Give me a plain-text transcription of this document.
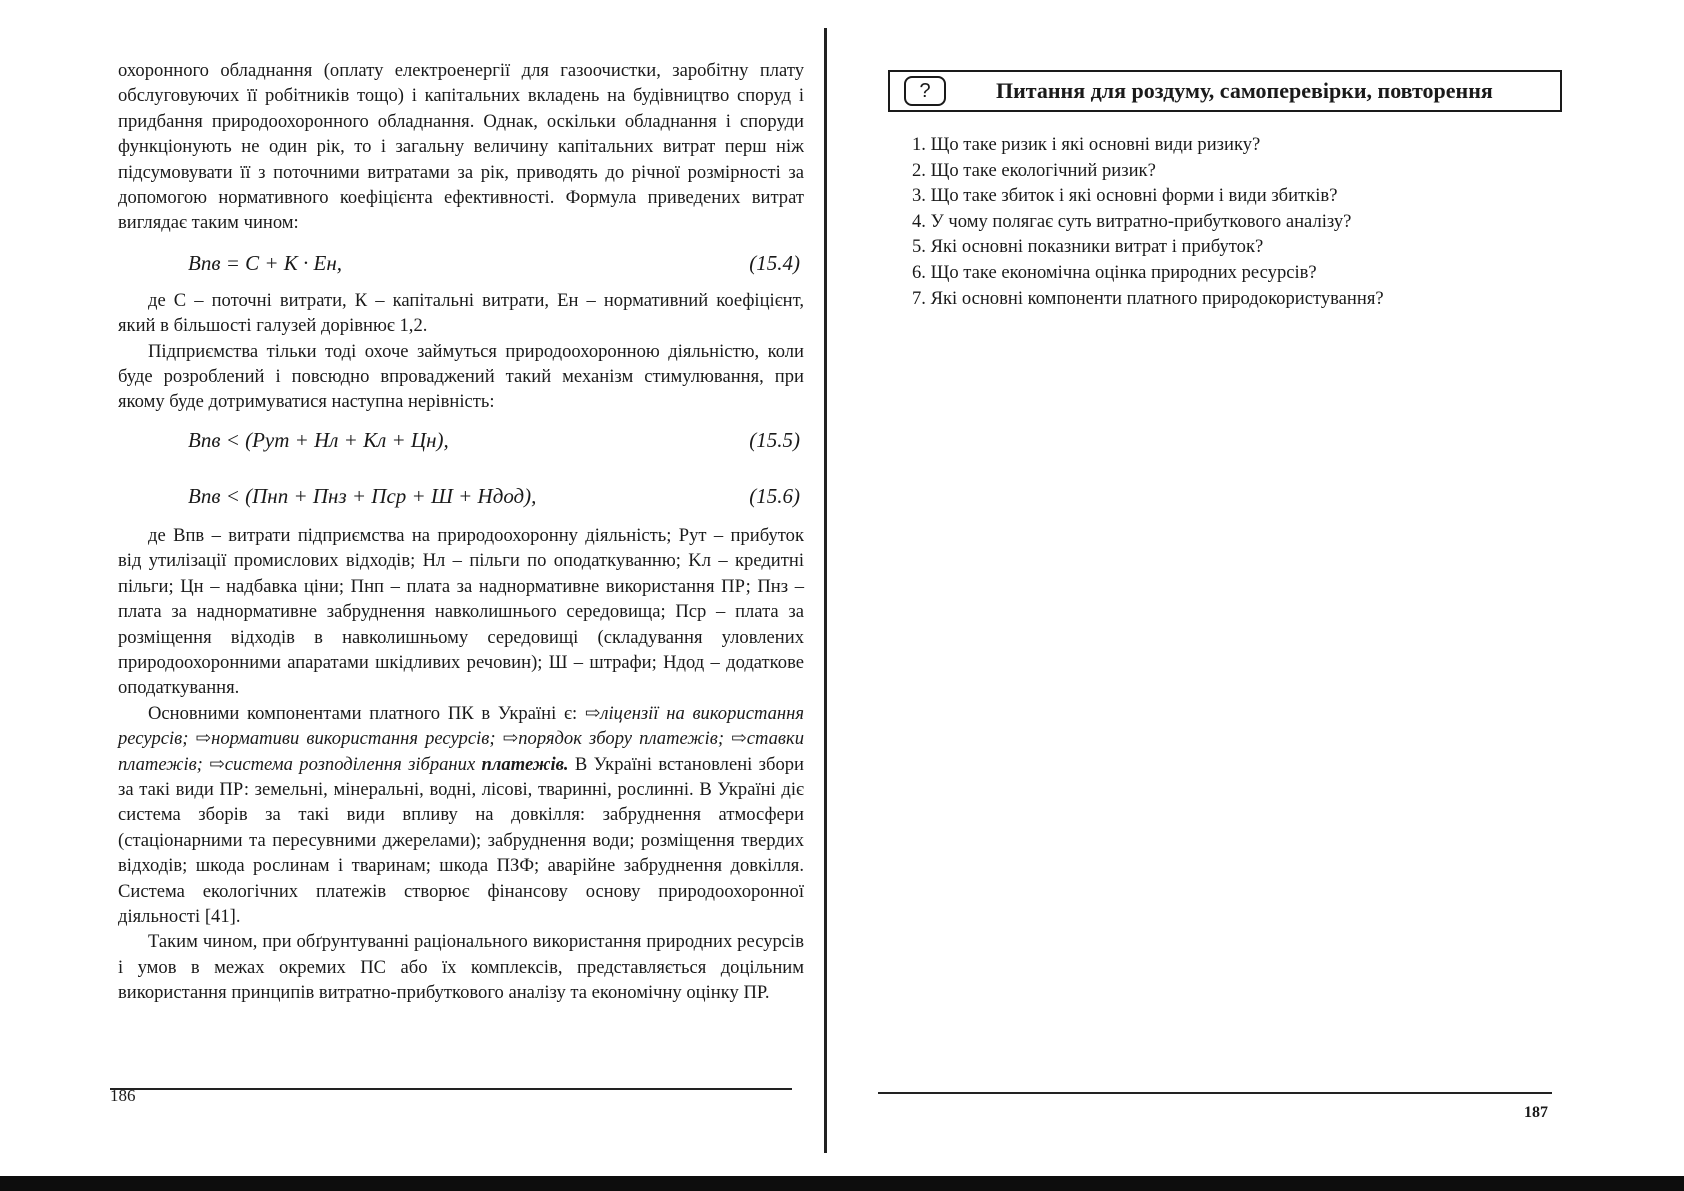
охоронного обладнання (оплату електроенергії для газоочистки, заробітну плату обслуговуючих її робітників тощо) і капітальних вкладень на будівництво споруд і придбання природоохоронного обладнання. Однак, оскільки обладнання і споруди функціонують не один рік, то і загальну величину капітальних витрат перш ніж підсумовувати її з поточними витратами за рік, приводять до річної розмірності за допомогою нормативного коефіцієнта ефективності. Формула приведених витрат виглядає таким чином:

Bпв = C + K · Eн,	(15.4)

де С – поточні витрати, К – капітальні витрати, Eн – нормативний коефіцієнт, який в більшості галузей дорівнює 1,2.

Підприємства тільки тоді охоче займуться природоохоронною діяльністю, коли буде розроблений і повсюдно впроваджений такий механізм стимулювання, при якому буде дотримуватися наступна нерівність:

Bпв < (Pут + Hл + Kл + Цн),	(15.5)
Bпв < (Пнп + Пнз + Пср + Ш + Hдод),	(15.6)

де Bпв – витрати підприємства на природоохоронну діяльність; Pут – прибуток від утилізації промислових відходів; Hл – пільги по оподаткуванню; Kл – кредитні пільги; Цн – надбавка ціни; Пнп – плата за наднормативне використання ПР; Пнз – плата за наднормативне забруднення навколишнього середовища; Пср – плата за розміщення відходів в навколишньому середовищі (складування уловлених природоохоронними апаратами шкідливих речовин); Ш – штрафи; Hдод – додаткове оподаткування.

Основними компонентами платного ПК в Україні є: ⇨ліцензії на використання ресурсів; ⇨нормативи використання ресурсів; ⇨порядок збору платежів; ⇨ставки платежів; ⇨система розподілення зібраних платежів. В Україні встановлені збори за такі види ПР: земельні, мінеральні, водні, лісові, тваринні, рослинні. В Україні діє система зборів за такі види впливу на довкілля: забруднення атмосфери (стаціонарними та пересувними джерелами); забруднення води; розміщення твердих відходів; шкода рослинам і тваринам; шкода ПЗФ; аварійне забруднення довкілля. Система екологічних платежів створює фінансову основу природоохоронної діяльності [41].

Таким чином, при обґрунтуванні раціонального використання природних ресурсів і умов в межах окремих ПС або їх комплексів, представляється доцільним використання принципів витратно-прибуткового аналізу та економічну оцінку ПР.

186
?	Питання для роздуму, самоперевірки, повторення
1. Що таке ризик і які основні види ризику?
2. Що таке екологічний ризик?
3. Що таке збиток і які основні форми і види збитків?
4. У чому полягає суть витратно-прибуткового аналізу?
5. Які основні показники витрат і прибуток?
6. Що таке економічна оцінка природних ресурсів?
7. Які основні компоненти платного природокористування?
187
